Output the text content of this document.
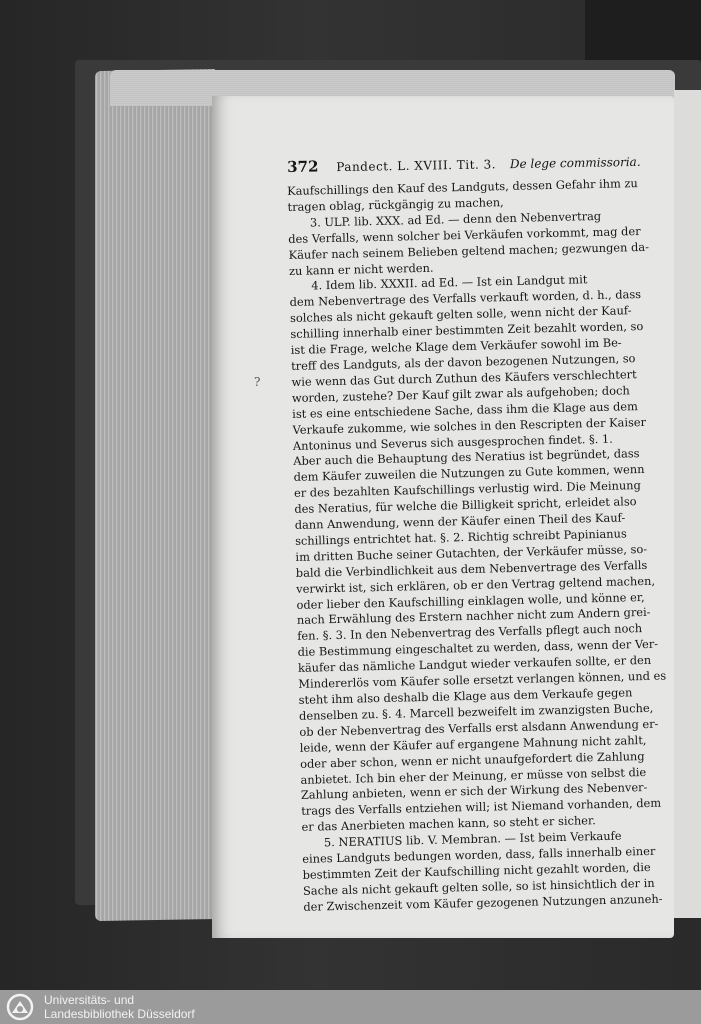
372 Pandect. L. XVIII. Tit. 3. De lege commissoria.
Kaufschillings den Kauf des Landguts, dessen Gefahr ihm zu
tragen oblag, rückgängig zu machen,
3. ULP. lib. XXX. ad Ed. — denn den Nebenvertrag
des Verfalls, wenn solcher bei Verkäufen vorkommt, mag der
Käufer nach seinem Belieben geltend machen; gezwungen da-
zu kann er nicht werden.
4. Idem lib. XXXII. ad Ed. — Ist ein Landgut mit
dem Nebenvertrage des Verfalls verkauft worden, d. h., dass
solches als nicht gekauft gelten solle, wenn nicht der Kauf-
schilling innerhalb einer bestimmten Zeit bezahlt worden, so
ist die Frage, welche Klage dem Verkäufer sowohl im Be-
treff des Landguts, als der davon bezogenen Nutzungen, so
wie wenn das Gut durch Zuthun des Käufers verschlechtert
worden, zustehe? Der Kauf gilt zwar als aufgehoben; doch
ist es eine entschiedene Sache, dass ihm die Klage aus dem
Verkaufe zukomme, wie solches in den Rescripten der Kaiser
Antoninus und Severus sich ausgesprochen findet. §. 1.
Aber auch die Behauptung des Neratius ist begründet, dass
dem Käufer zuweilen die Nutzungen zu Gute kommen, wenn
er des bezahlten Kaufschillings verlustig wird. Die Meinung
des Neratius, für welche die Billigkeit spricht, erleidet also
dann Anwendung, wenn der Käufer einen Theil des Kauf-
schillings entrichtet hat. §. 2. Richtig schreibt Papinianus
im dritten Buche seiner Gutachten, der Verkäufer müsse, so-
bald die Verbindlichkeit aus dem Nebenvertrage des Verfalls
verwirkt ist, sich erklären, ob er den Vertrag geltend machen,
oder lieber den Kaufschilling einklagen wolle, und könne er,
nach Erwählung des Erstern nachher nicht zum Andern grei-
fen. §. 3. In den Nebenvertrag des Verfalls pflegt auch noch
die Bestimmung eingeschaltet zu werden, dass, wenn der Ver-
käufer das nämliche Landgut wieder verkaufen sollte, er den
Mindererlös vom Käufer solle ersetzt verlangen können, und es
steht ihm also deshalb die Klage aus dem Verkaufe gegen
denselben zu. §. 4. Marcell bezweifelt im zwanzigsten Buche,
ob der Nebenvertrag des Verfalls erst alsdann Anwendung er-
leide, wenn der Käufer auf ergangene Mahnung nicht zahlt,
oder aber schon, wenn er nicht unaufgefordert die Zahlung
anbietet. Ich bin eher der Meinung, er müsse von selbst die
Zahlung anbieten, wenn er sich der Wirkung des Nebenver-
trags des Verfalls entziehen will; ist Niemand vorhanden, dem
er das Anerbieten machen kann, so steht er sicher.
5. NERATIUS lib. V. Membran. — Ist beim Verkaufe
eines Landguts bedungen worden, dass, falls innerhalb einer
bestimmten Zeit der Kaufschilling nicht gezahlt worden, die
Sache als nicht gekauft gelten solle, so ist hinsichtlich der in
der Zwischenzeit vom Käufer gezogenen Nutzungen anzuneh-
?
Universitäts- und
Landesbibliothek Düsseldorf
